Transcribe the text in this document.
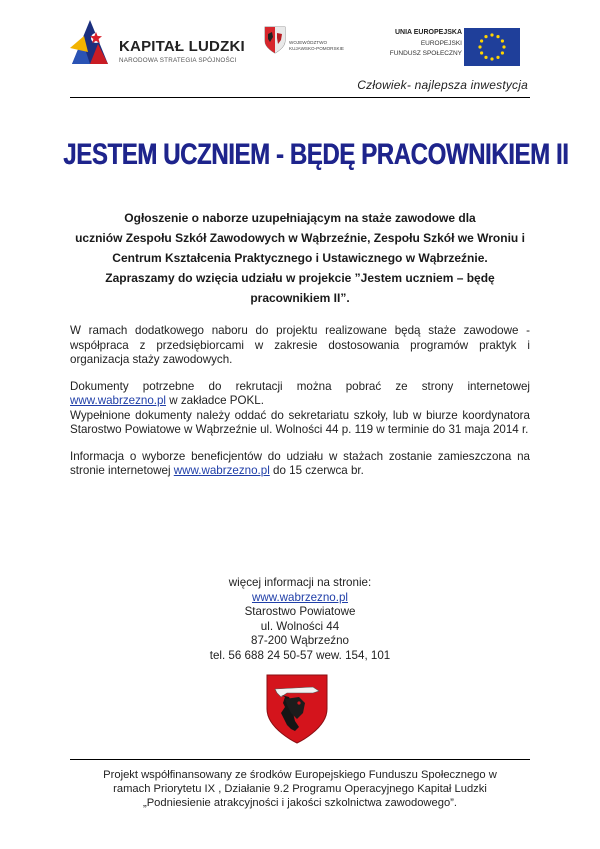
KAPITAŁ LUDZKI
NARODOWA STRATEGIA SPÓJNOŚCI
WOJEWÓDZTWO
KUJAWSKO-POMORSKIE
UNIA EUROPEJSKA
EUROPEJSKI
FUNDUSZ SPOŁECZNY
Człowiek- najlepsza inwestycja
JESTEM UCZNIEM - BĘDĘ PRACOWNIKIEM II

Ogłoszenie o naborze uzupełniającym na staże zawodowe dla

uczniów Zespołu Szkół Zawodowych w Wąbrzeźnie, Zespołu Szkół we Wroniu i

Centrum Kształcenia Praktycznego i Ustawicznego w Wąbrzeźnie.

Zapraszamy do wzięcia udziału w projekcie ”Jestem uczniem – będę

pracownikiem II”.

W ramach dodatkowego naboru do projektu realizowane będą staże zawodowe - współpraca z przedsiębiorcami w zakresie dostosowania programów praktyk i organizacja staży zawodowych.

Dokumenty potrzebne do rekrutacji można pobrać ze strony internetowej www.wabrzezno.pl w zakładce POKL.

Wypełnione dokumenty należy oddać do sekretariatu szkoły, lub w biurze koordynatora Starostwo Powiatowe w Wąbrzeźnie ul. Wolności 44 p. 119 w terminie do 31 maja 2014 r.

Informacja o wyborze beneficjentów do udziału w stażach zostanie zamieszczona na stronie internetowej www.wabrzezno.pl do 15 czerwca br.

więcej informacji na stronie:
www.wabrzezno.pl
Starostwo Powiatowe
ul. Wolności 44
87-200 Wąbrzeźno
tel. 56 688 24 50-57 wew. 154, 101
Projekt współfinansowany ze środków Europejskiego Funduszu Społecznego w
ramach Priorytetu IX , Działanie 9.2 Programu Operacyjnego Kapitał Ludzki
„Podniesienie atrakcyjności i jakości szkolnictwa zawodowego”.
